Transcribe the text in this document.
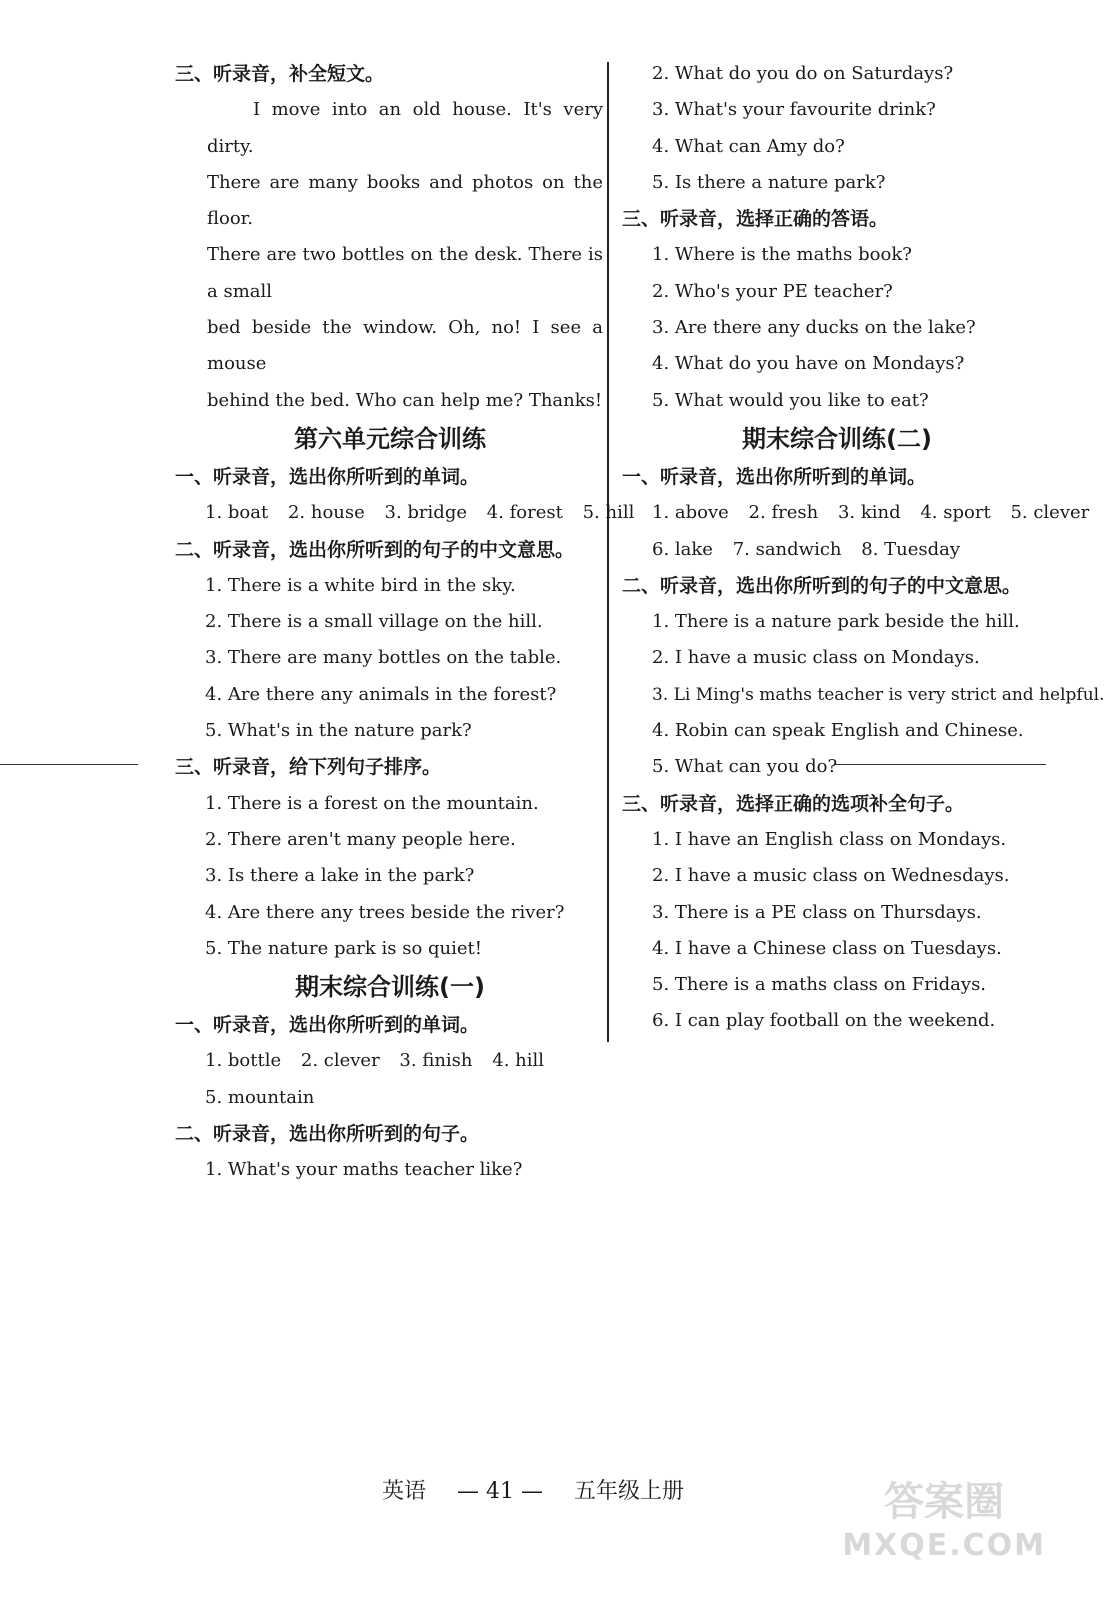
三、听录音，补全短文。
I move into an old house. It's very dirty.
There are many books and photos on the floor.
There are two bottles on the desk. There is a small
bed beside the window. Oh, no! I see a mouse
behind the bed. Who can help me? Thanks!
第六单元综合训练
一、听录音，选出你所听到的单词。
1. boat 2. house 3. bridge 4. forest 5. hill
二、听录音，选出你所听到的句子的中文意思。
1. There is a white bird in the sky.
2. There is a small village on the hill.
3. There are many bottles on the table.
4. Are there any animals in the forest?
5. What's in the nature park?
三、听录音，给下列句子排序。
1. There is a forest on the mountain.
2. There aren't many people here.
3. Is there a lake in the park?
4. Are there any trees beside the river?
5. The nature park is so quiet!
期末综合训练(一)
一、听录音，选出你所听到的单词。
1. bottle 2. clever 3. finish 4. hill
5. mountain
二、听录音，选出你所听到的句子。
1. What's your maths teacher like?
2. What do you do on Saturdays?
3. What's your favourite drink?
4. What can Amy do?
5. Is there a nature park?
三、听录音，选择正确的答语。
1. Where is the maths book?
2. Who's your PE teacher?
3. Are there any ducks on the lake?
4. What do you have on Mondays?
5. What would you like to eat?
期末综合训练(二)
一、听录音，选出你所听到的单词。
1. above 2. fresh 3. kind 4. sport 5. clever
6. lake 7. sandwich 8. Tuesday
二、听录音，选出你所听到的句子的中文意思。
1. There is a nature park beside the hill.
2. I have a music class on Mondays.
3. Li Ming's maths teacher is very strict and helpful.
4. Robin can speak English and Chinese.
5. What can you do?
三、听录音，选择正确的选项补全句子。
1. I have an English class on Mondays.
2. I have a music class on Wednesdays.
3. There is a PE class on Thursdays.
4. I have a Chinese class on Tuesdays.
5. There is a maths class on Fridays.
6. I can play football on the weekend.
英语 — 41 — 五年级上册	答案圈
MXQE.COM
